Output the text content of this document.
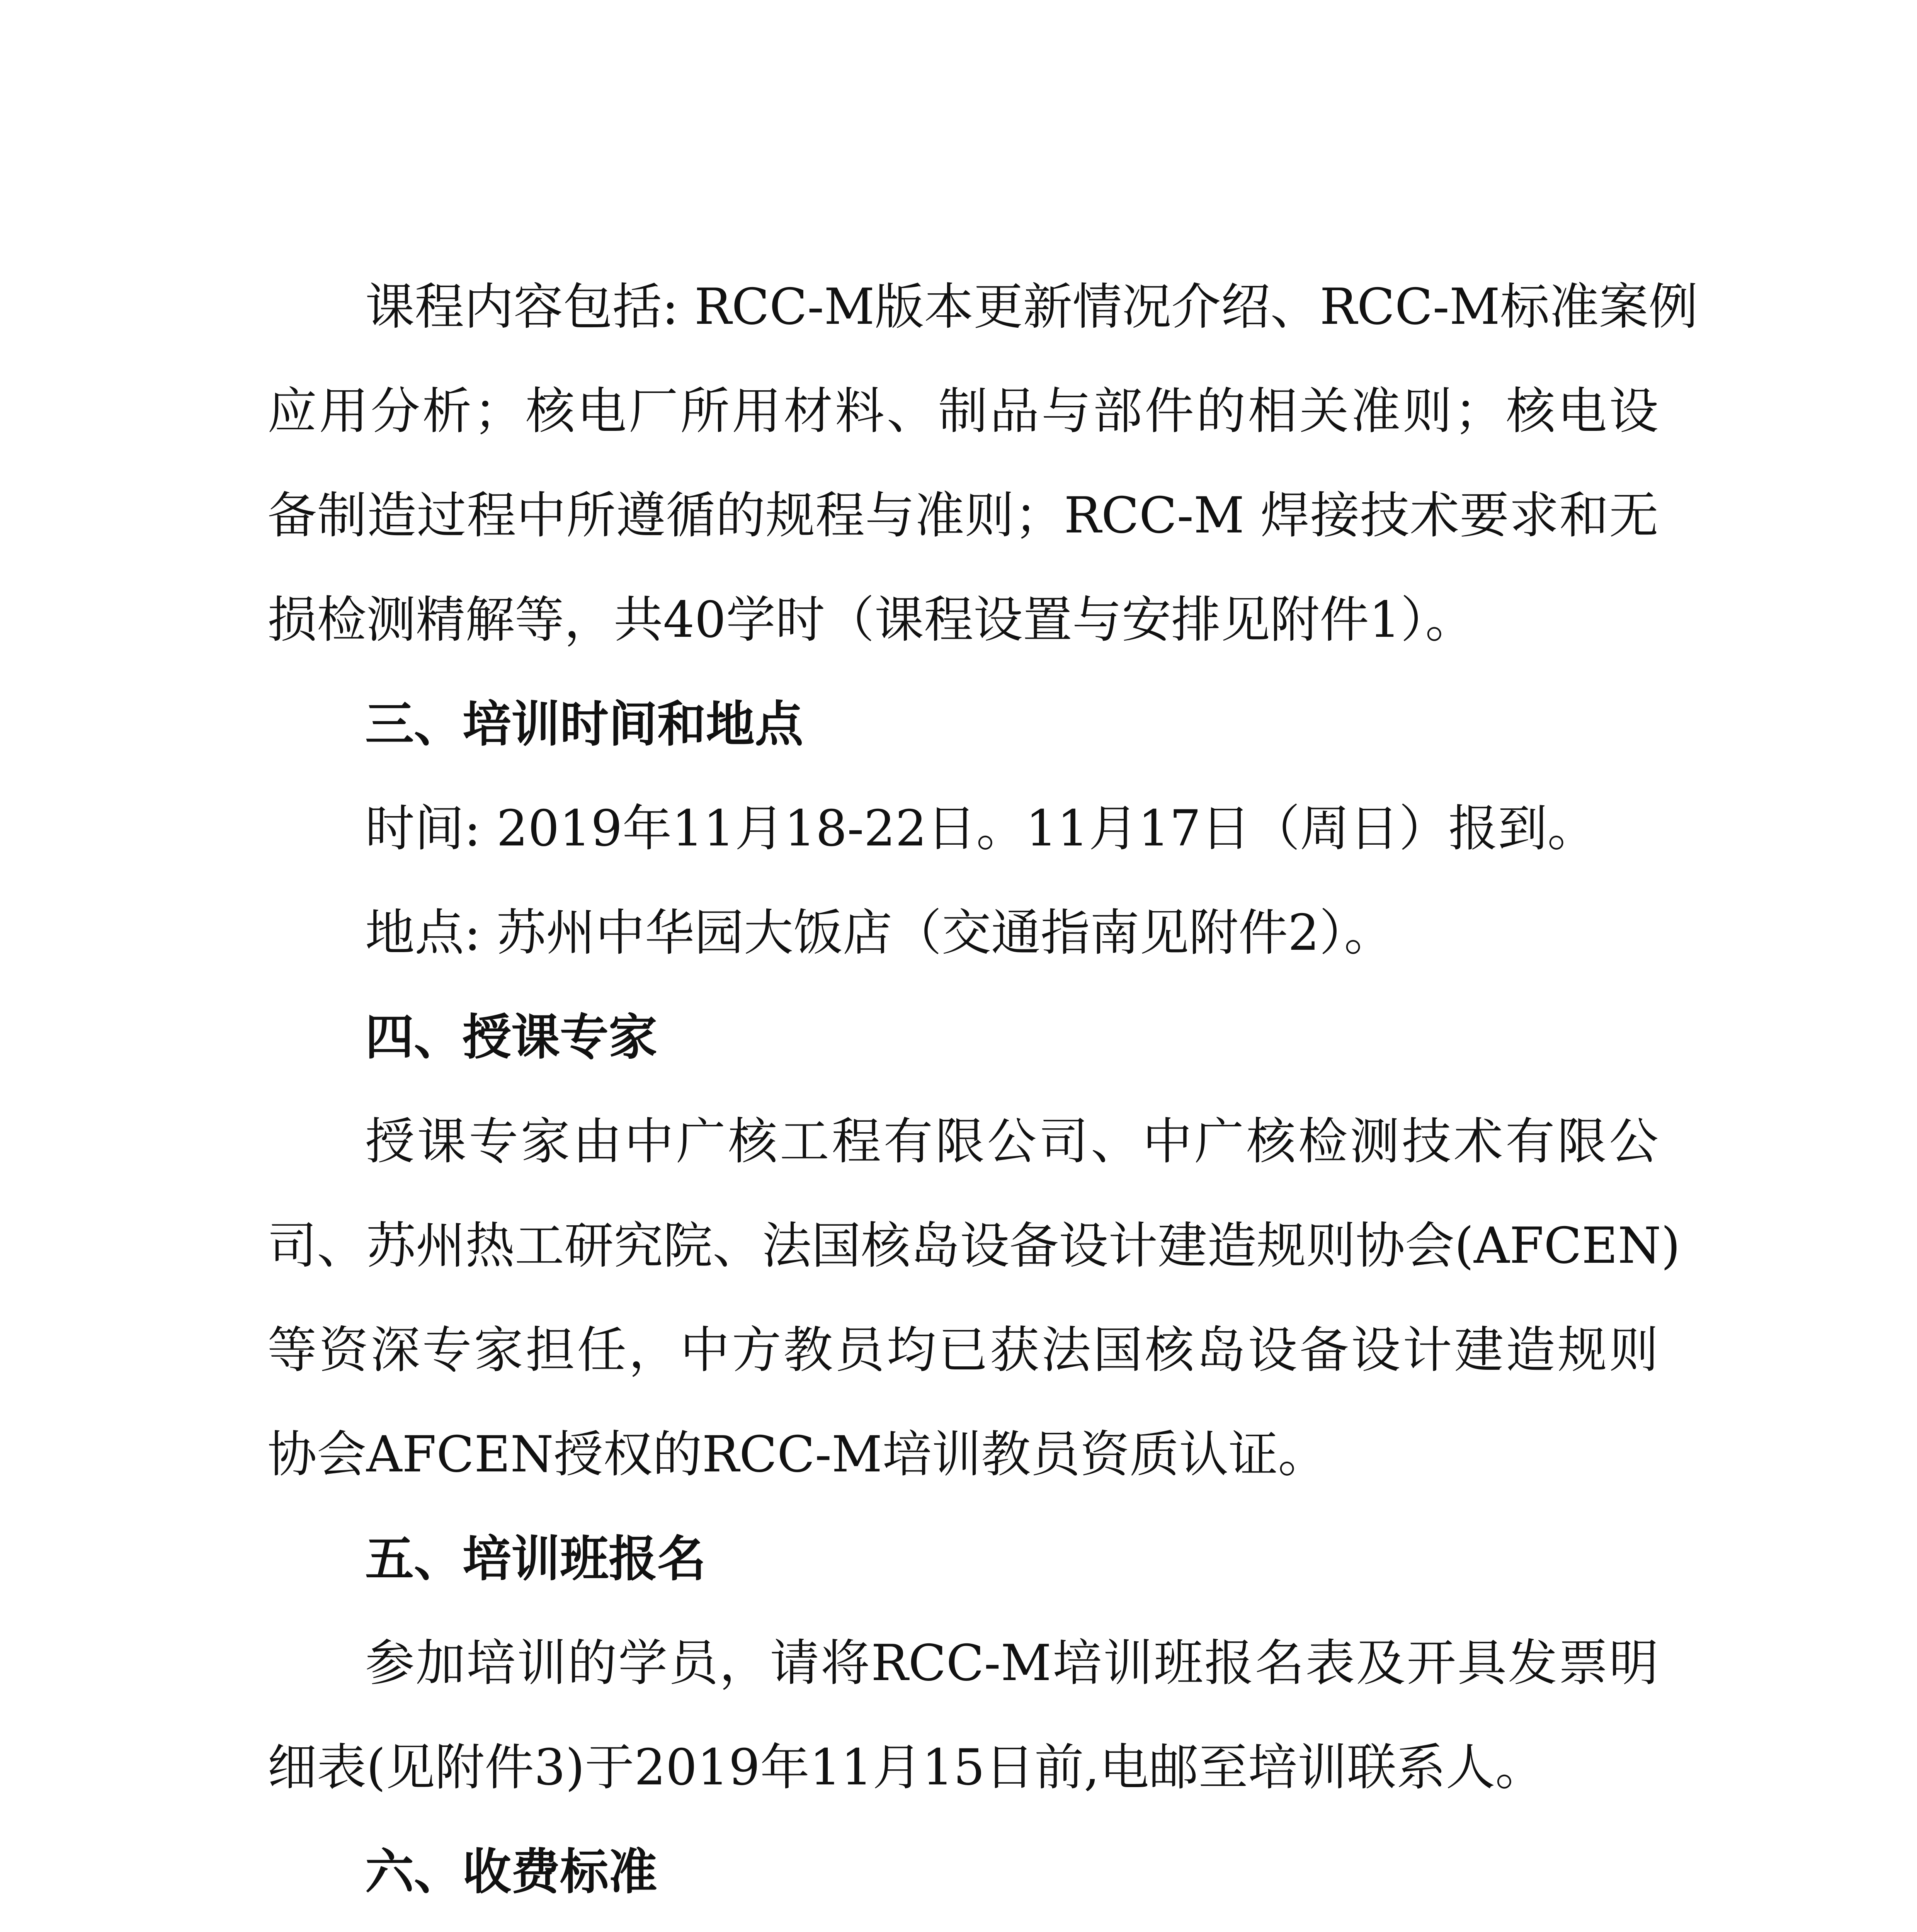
课程内容包括: RCC-M版本更新情况介绍、RCC-M标准案例
应用分析；核电厂所用材料、制品与部件的相关准则；核电设
备制造过程中所遵循的规程与准则；RCC-M 焊接技术要求和无
损检测精解等，共40学时（课程设置与安排见附件1）。
三、培训时间和地点
时间: 2019年11月18-22日。11月17日（周日）报到。
地点: 苏州中华园大饭店（交通指南见附件2）。
四、授课专家
授课专家由中广核工程有限公司、中广核检测技术有限公
司、苏州热工研究院、法国核岛设备设计建造规则协会(AFCEN)
等资深专家担任，中方教员均已获法国核岛设备设计建造规则
协会AFCEN授权的RCC-M培训教员资质认证。
五、培训班报名
参加培训的学员，请将RCC-M培训班报名表及开具发票明
细表(见附件3)于2019年11月15日前,电邮至培训联系人。
六、收费标准
